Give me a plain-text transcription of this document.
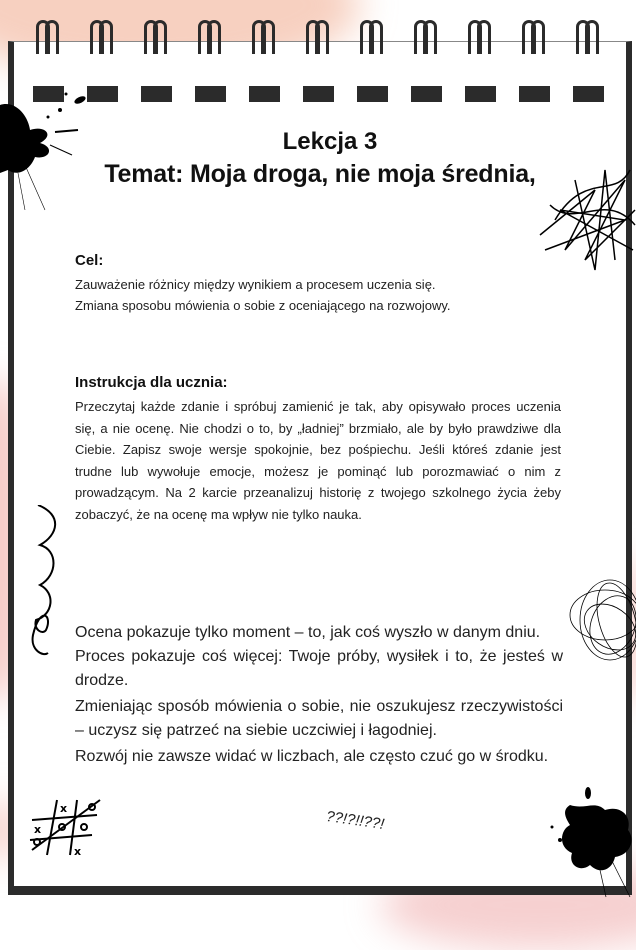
x
x
x
Lekcja 3
Temat: Moja droga, nie moja średnia,
Cel:
Zauważenie różnicy między wynikiem a procesem uczenia się.
Zmiana sposobu mówienia o sobie z oceniającego na rozwojowy.
Instrukcja dla ucznia:
Przeczytaj każde zdanie i spróbuj zamienić je tak, aby opisywało proces uczenia się, a nie ocenę. Nie chodzi o to, by „ładniej” brzmiało, ale by było prawdziwe dla Ciebie. Zapisz swoje wersje spokojnie, bez pośpiechu. Jeśli któreś zdanie jest trudne lub wywołuje emocje, możesz je pominąć lub porozmawiać o nim z prowadzącym. Na 2 karcie przeanalizuj historię z twojego szkolnego życia żeby zobaczyć, że na ocenę ma wpływ nie tylko nauka.
Ocena pokazuje tylko moment – to, jak coś wyszło w danym dniu.
Proces pokazuje coś więcej: Twoje próby, wysiłek i to, że jesteś w drodze.
Zmieniając sposób mówienia o sobie, nie oszukujesz rzeczywistości – uczysz się patrzeć na siebie uczciwiej i łagodniej.
Rozwój nie zawsze widać w liczbach, ale często czuć go w środku.
??!?!!??!
